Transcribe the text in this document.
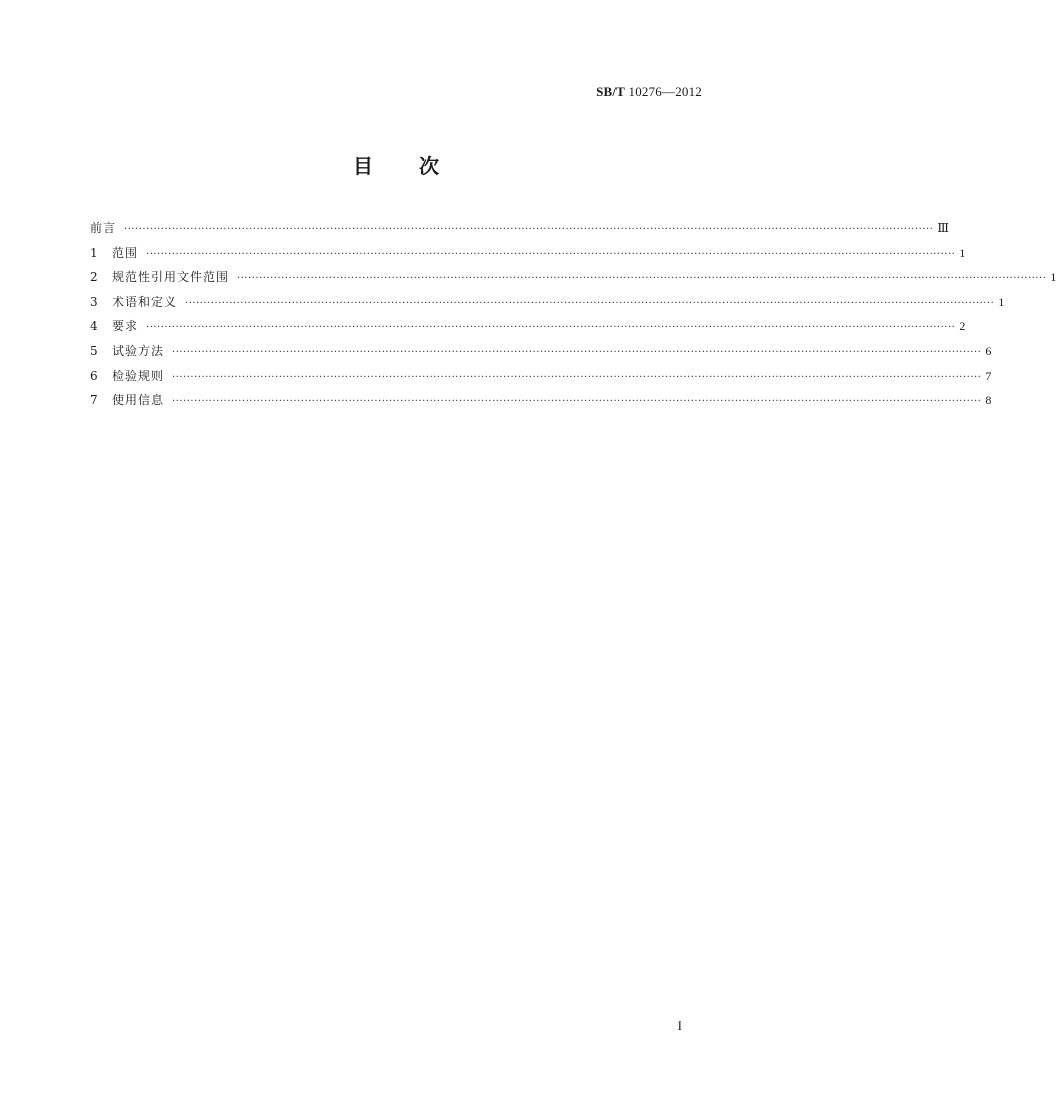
SB/T 10276—2012
目 次
前言 ···························································································································································································································· Ⅲ
1	范围 ···························································································································································································································· 1
2	规范性引用文件范围 ···························································································································································································································· 1
3	术语和定义 ···························································································································································································································· 1
4	要求 ···························································································································································································································· 2
5	试验方法 ···························································································································································································································· 6
6	检验规则 ···························································································································································································································· 7
7	使用信息 ···························································································································································································································· 8
I
